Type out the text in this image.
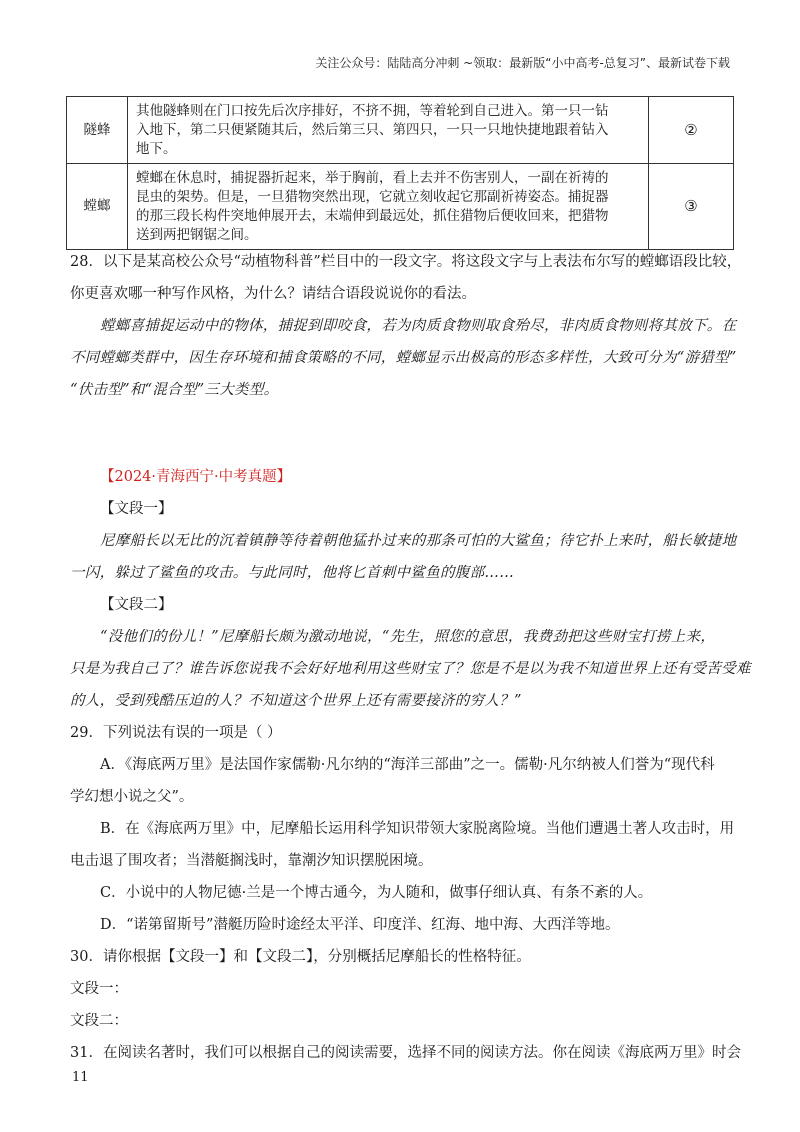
关注公众号：陆陆高分冲刺 ~领取：最新版“小中高考-总复习”、最新试卷下载
隧蜂	其他隧蜂则在门口按先后次序排好，不挤不拥，等着轮到自己进入。第一只一钻
入地下，第二只便紧随其后，然后第三只、第四只，一只一只地快捷地跟着钻入
地下。	②
螳螂	螳螂在休息时，捕捉器折起来，举于胸前，看上去并不伤害别人，一副在祈祷的
昆虫的架势。但是，一旦猎物突然出现，它就立刻收起它那副祈祷姿态。捕捉器
的那三段长构件突地伸展开去，末端伸到最远处，抓住猎物后便收回来，把猎物
送到两把钢锯之间。	③
28．以下是某高校公众号“动植物科普”栏目中的一段文字。将这段文字与上表法布尔写的螳螂语段比较，
你更喜欢哪一种写作风格，为什么？请结合语段说说你的看法。
螳螂喜捕捉运动中的物体，捕捉到即咬食，若为肉质食物则取食殆尽，非肉质食物则将其放下。在
不同螳螂类群中，因生存环境和捕食策略的不同，螳螂显示出极高的形态多样性，大致可分为“游猎型”
“伏击型”和“混合型”三大类型。
【2024·青海西宁·中考真题】
【文段一】
尼摩船长以无比的沉着镇静等待着朝他猛扑过来的那条可怕的大鲨鱼；待它扑上来时，船长敏捷地
一闪，躲过了鲨鱼的攻击。与此同时，他将匕首刺中鲨鱼的腹部……
【文段二】
“没他们的份儿！”尼摩船长颇为激动地说，“先生，照您的意思，我费劲把这些财宝打捞上来，
只是为我自己了？谁告诉您说我不会好好地利用这些财宝了？您是不是以为我不知道世界上还有受苦受难
的人，受到残酷压迫的人？不知道这个世界上还有需要接济的穷人？”
29．下列说法有误的一项是（ ）
A．《海底两万里》是法国作家儒勒·凡尔纳的“海洋三部曲”之一。儒勒·凡尔纳被人们誉为“现代科
学幻想小说之父”。
B．在《海底两万里》中，尼摩船长运用科学知识带领大家脱离险境。当他们遭遇土著人攻击时，用
电击退了围攻者；当潜艇搁浅时，靠潮汐知识摆脱困境。
C．小说中的人物尼德·兰是一个博古通今，为人随和，做事仔细认真、有条不紊的人。
D．“诺第留斯号”潜艇历险时途经太平洋、印度洋、红海、地中海、大西洋等地。
30．请你根据【文段一】和【文段二】，分别概括尼摩船长的性格特征。
文段一：
文段二：
31．在阅读名著时，我们可以根据自己的阅读需要，选择不同的阅读方法。你在阅读《海底两万里》时会
11
